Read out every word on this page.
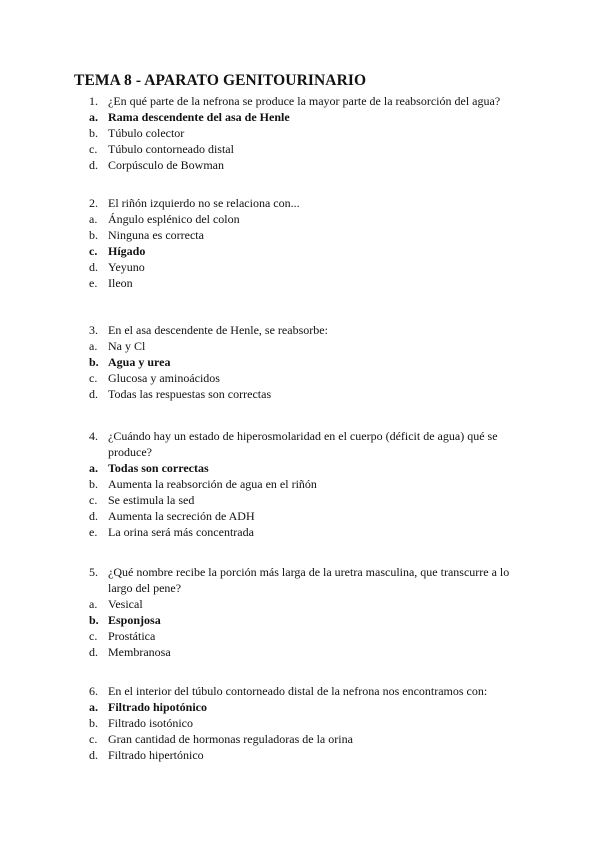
TEMA 8 - APARATO GENITOURINARIO
1. ¿En qué parte de la nefrona se produce la mayor parte de la reabsorción del agua?
a. Rama descendente del asa de Henle
b. Túbulo colector
c. Túbulo contorneado distal
d. Corpúsculo de Bowman
2. El riñón izquierdo no se relaciona con...
a. Ángulo esplénico del colon
b. Ninguna es correcta
c. Hígado
d. Yeyuno
e. Ileon
3. En el asa descendente de Henle, se reabsorbe:
a. Na y Cl
b. Agua y urea
c. Glucosa y aminoácidos
d. Todas las respuestas son correctas
4. ¿Cuándo hay un estado de hiperosmolaridad en el cuerpo (déficit de agua) qué se
produce?
a. Todas son correctas
b. Aumenta la reabsorción de agua en el riñón
c. Se estimula la sed
d. Aumenta la secreción de ADH
e. La orina será más concentrada
5. ¿Qué nombre recibe la porción más larga de la uretra masculina, que transcurre a lo
largo del pene?
a. Vesical
b. Esponjosa
c. Prostática
d. Membranosa
6. En el interior del túbulo contorneado distal de la nefrona nos encontramos con:
a. Filtrado hipotónico
b. Filtrado isotónico
c. Gran cantidad de hormonas reguladoras de la orina
d. Filtrado hipertónico
